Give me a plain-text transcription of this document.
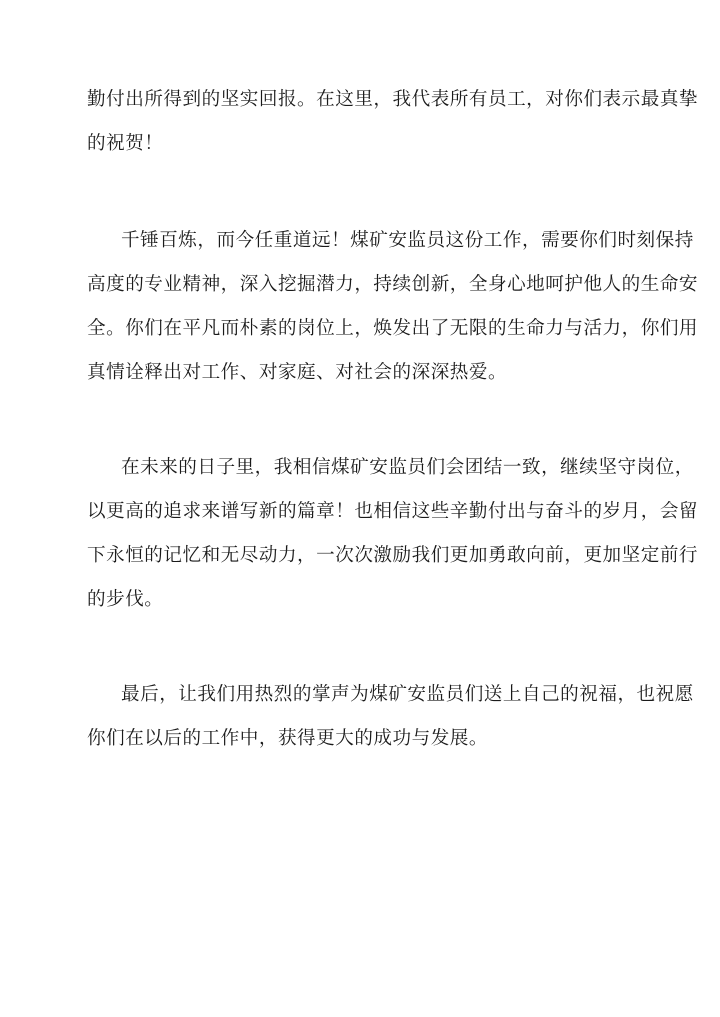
勤付出所得到的坚实回报。在这里，我代表所有员工，对你们表示最真挚
的祝贺！
千锤百炼，而今任重道远！煤矿安监员这份工作，需要你们时刻保持
高度的专业精神，深入挖掘潜力，持续创新，全身心地呵护他人的生命安
全。你们在平凡而朴素的岗位上，焕发出了无限的生命力与活力，你们用
真情诠释出对工作、对家庭、对社会的深深热爱。
在未来的日子里，我相信煤矿安监员们会团结一致，继续坚守岗位，
以更高的追求来谱写新的篇章！也相信这些辛勤付出与奋斗的岁月，会留
下永恒的记忆和无尽动力，一次次激励我们更加勇敢向前，更加坚定前行
的步伐。
最后，让我们用热烈的掌声为煤矿安监员们送上自己的祝福，也祝愿
你们在以后的工作中，获得更大的成功与发展。
